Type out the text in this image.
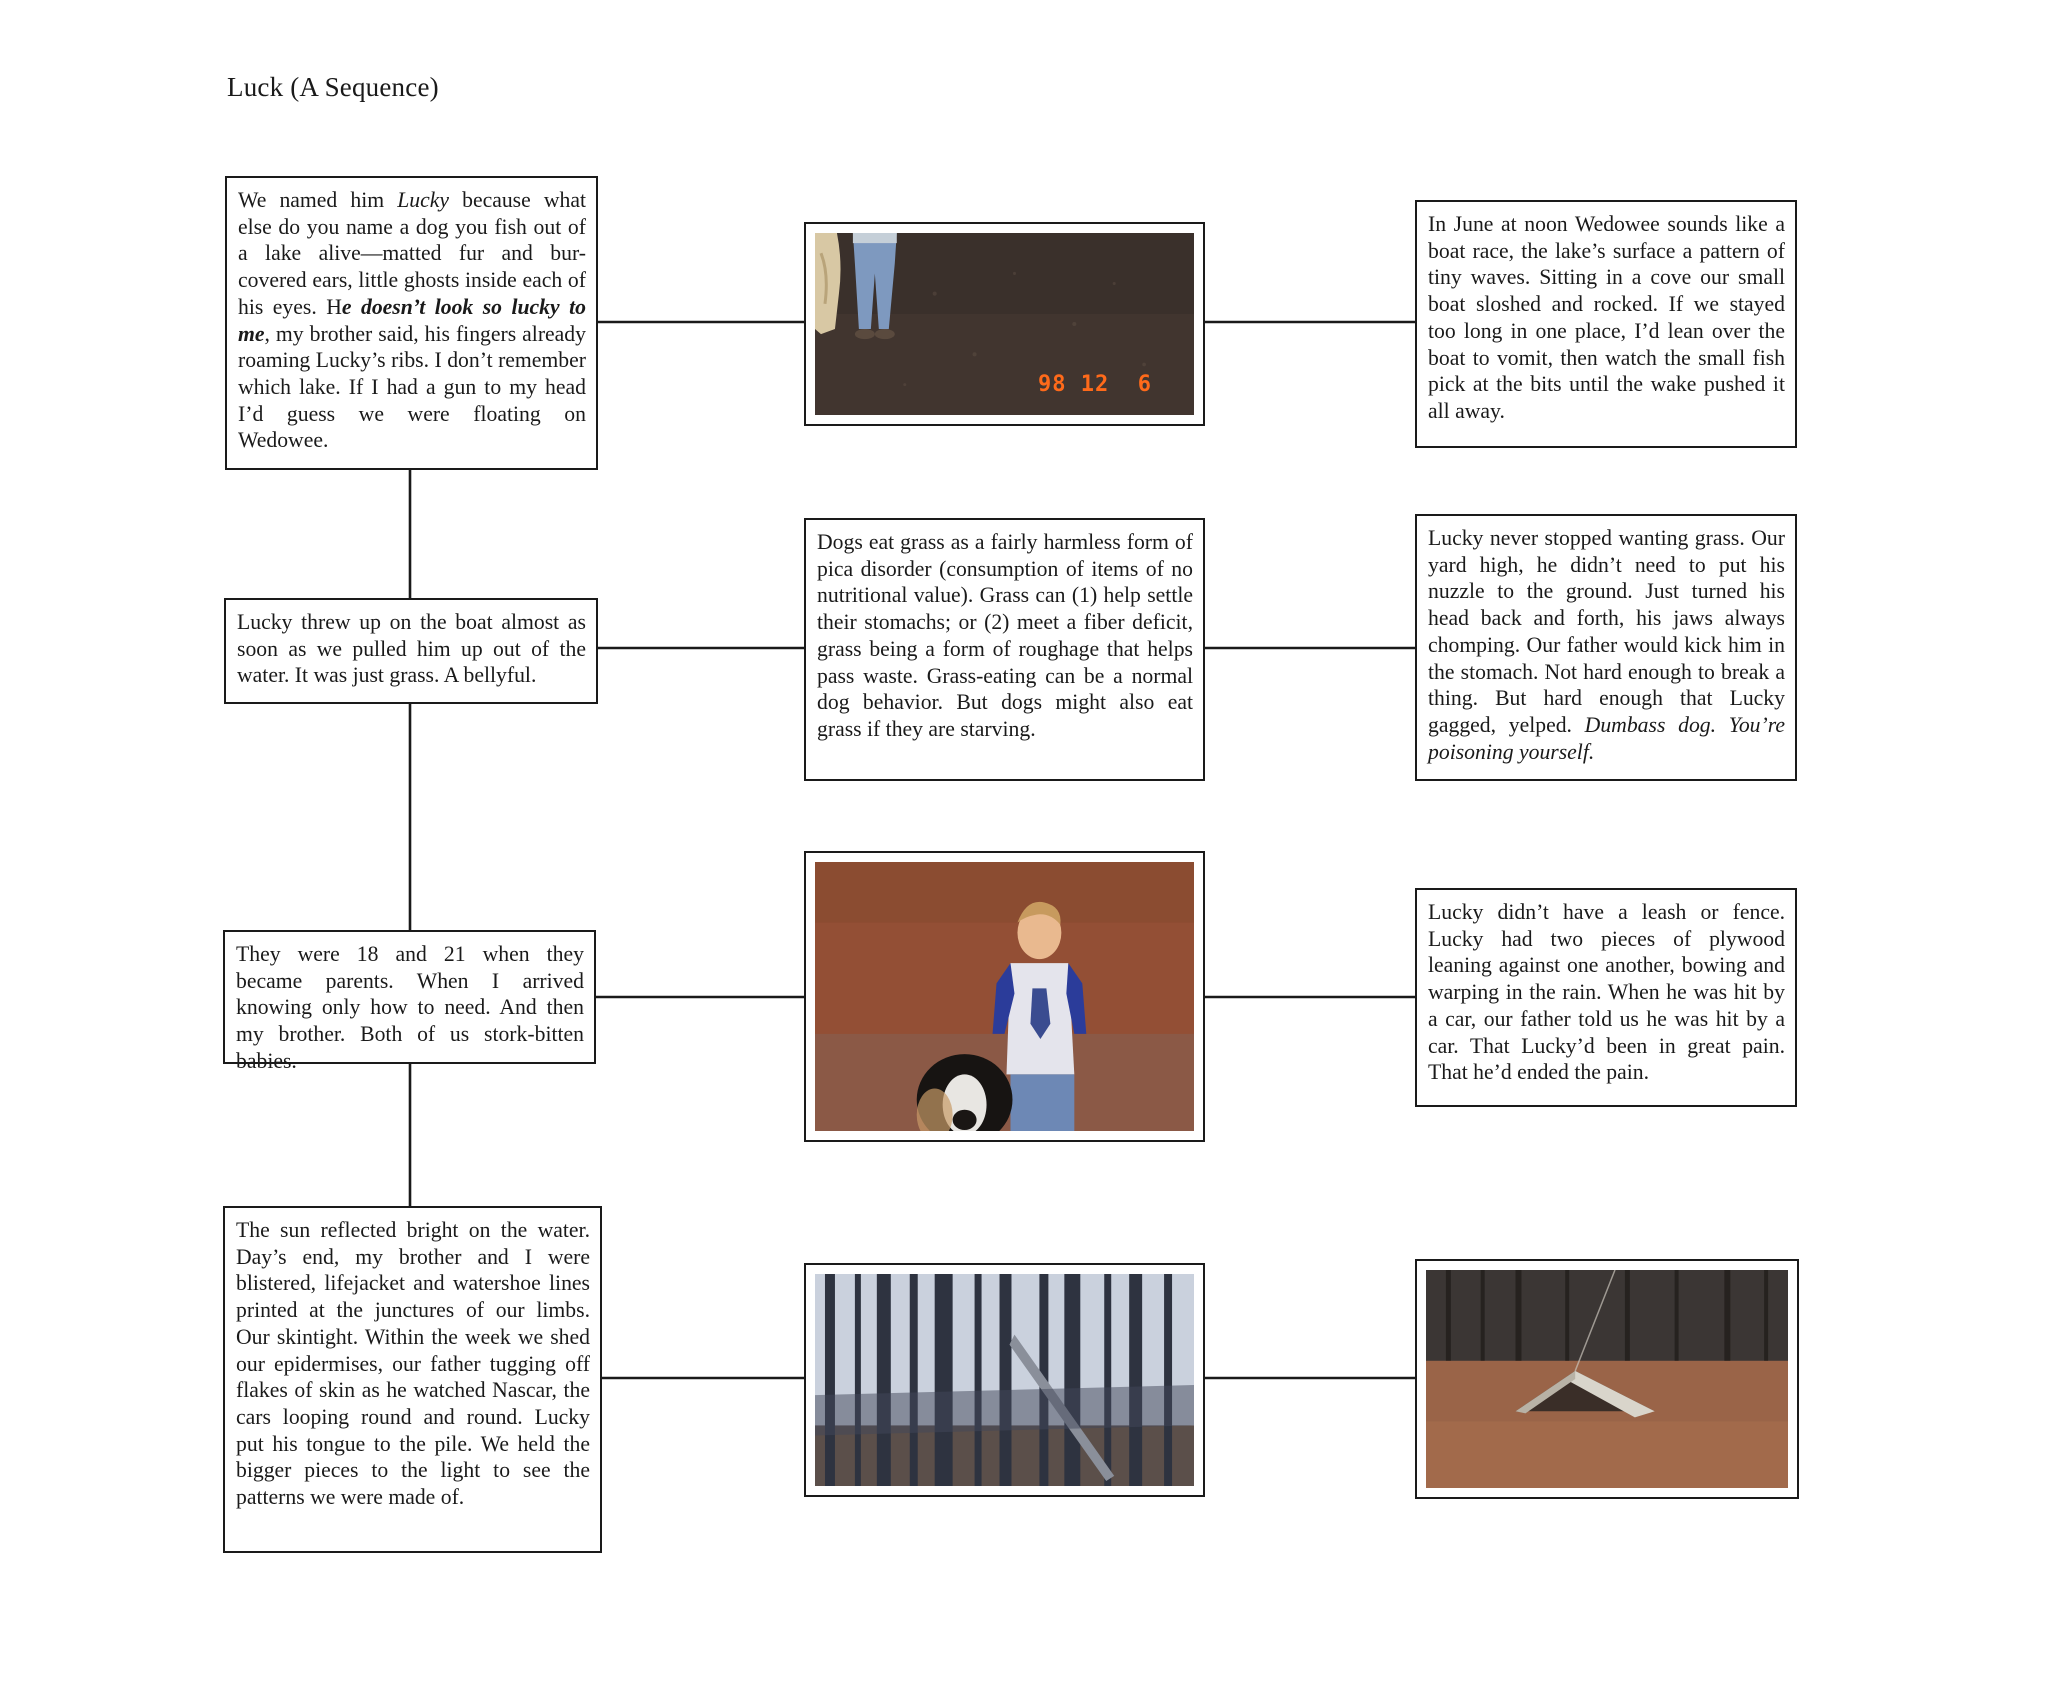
Luck (A Sequence)

We named him Lucky because what else do you name a dog you fish out of a lake alive—matted fur and bur-covered ears, little ghosts inside each of his eyes. He doesn’t look so lucky to me, my brother said, his fingers already roaming Lucky’s ribs. I don’t remember which lake. If I had a gun to my head I’d guess we were floating on Wedowee.

Lucky threw up on the boat almost as soon as we pulled him up out of the water. It was just grass. A bellyful.

They were 18 and 21 when they became parents. When I arrived knowing only how to need. And then my brother. Both of us stork-bitten babies.

The sun reflected bright on the water. Day’s end, my brother and I were blistered, lifejacket and watershoe lines printed at the junctures of our limbs. Our skintight. Within the week we shed our epidermises, our father tugging off flakes of skin as he watched Nascar, the cars looping round and round. Lucky put his tongue to the pile. We held the bigger pieces to the light to see the patterns we were made of.

98 12  6

Dogs eat grass as a fairly harmless form of pica disorder (consumption of items of no nutritional value). Grass can (1) help settle their stomachs; or (2) meet a fiber deficit, grass being a form of roughage that helps pass waste. Grass-eating can be a normal dog behavior. But dogs might also eat grass if they are starving.

In June at noon Wedowee sounds like a boat race, the lake’s surface a pattern of tiny waves. Sitting in a cove our small boat sloshed and rocked. If we stayed too long in one place, I’d lean over the boat to vomit, then watch the small fish pick at the bits until the wake pushed it all away.

Lucky never stopped wanting grass. Our yard high, he didn’t need to put his nuzzle to the ground. Just turned his head back and forth, his jaws always chomping. Our father would kick him in the stomach. Not hard enough to break a thing. But hard enough that Lucky gagged, yelped. Dumbass dog. You’re poisoning yourself.

Lucky didn’t have a leash or fence. Lucky had two pieces of plywood leaning against one another, bowing and warping in the rain. When he was hit by a car, our father told us he was hit by a car. That Lucky’d been in great pain. That he’d ended the pain.
